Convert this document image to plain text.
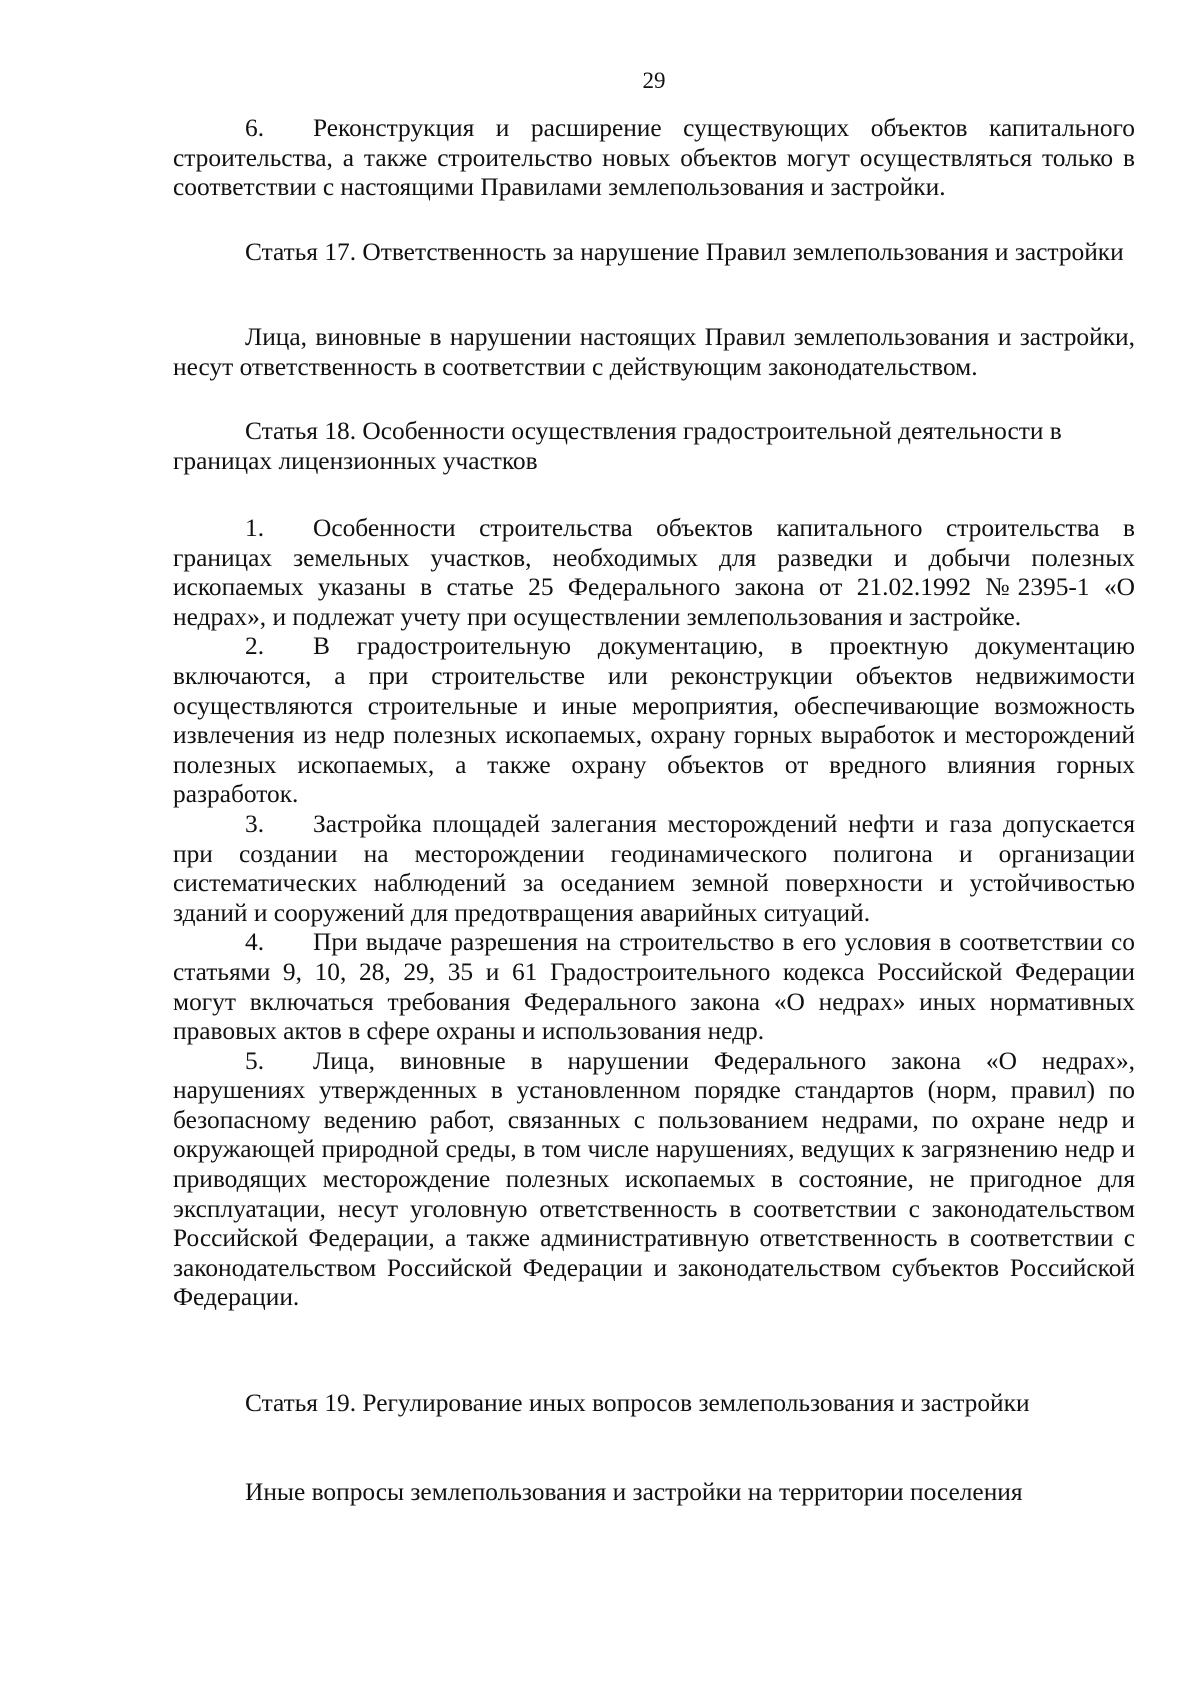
29

6. Реконструкция и расширение существующих объектов капитального строительства, а также строительство новых объектов могут осуществляться только в соответствии с настоящими Правилами землепользования и застройки.

Статья 17. Ответственность за нарушение Правил землепользования и застройки

Лица, виновные в нарушении настоящих Правил землепользования и застройки, несут ответственность в соответствии с действующим законодательством.

Статья 18. Особенности осуществления градостроительной деятельности в границах лицензионных участков

1. Особенности строительства объектов капитального строительства в границах земельных участков, необходимых для разведки и добычи полезных ископаемых указаны в статье 25 Федерального закона от 21.02.1992 №2395-1 «О недрах», и подлежат учету при осуществлении землепользования и застройке.

2. В градостроительную документацию, в проектную документацию включаются, а при строительстве или реконструкции объектов недвижимости осуществляются строительные и иные мероприятия, обеспечивающие возможность извлечения из недр полезных ископаемых, охрану горных выработок и месторождений полезных ископаемых, а также охрану объектов от вредного влияния горных разработок.

3. Застройка площадей залегания месторождений нефти и газа допускается при создании на месторождении геодинамического полигона и организации систематических наблюдений за оседанием земной поверхности и устойчивостью зданий и сооружений для предотвращения аварийных ситуаций.

4. При выдаче разрешения на строительство в его условия в соответствии со статьями 9, 10, 28, 29, 35 и 61 Градостроительного кодекса Российской Федерации могут включаться требования Федерального закона «О недрах» иных нормативных правовых актов в сфере охраны и использования недр.

5. Лица, виновные в нарушении Федерального закона «О недрах», нарушениях утвержденных в установленном порядке стандартов (норм, правил) по безопасному ведению работ, связанных с пользованием недрами, по охране недр и окружающей природной среды, в том числе нарушениях, ведущих к загрязнению недр и приводящих месторождение полезных ископаемых в состояние, не пригодное для эксплуатации, несут уголовную ответственность в соответствии с законодательством Российской Федерации, а также административную ответственность в соответствии с законодательством Российской Федерации и законодательством субъектов Российской Федерации.

Статья 19. Регулирование иных вопросов землепользования и застройки

Иные вопросы землепользования и застройки на территории поселения
